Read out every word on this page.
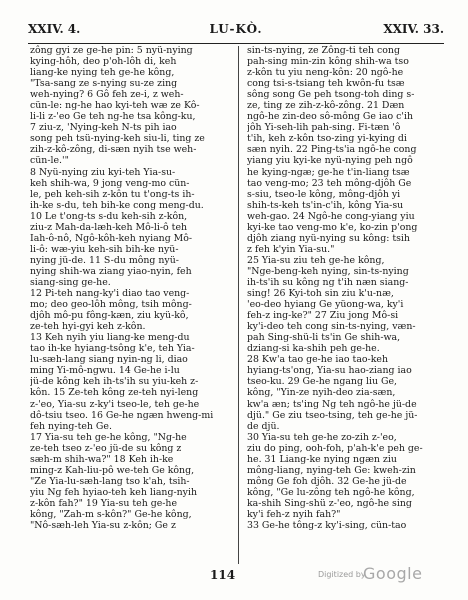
XXIV. 4.	LU-KÒ.	XXIV. 33.
zông gyi ze ge-he pin: 5 nyü-nying
kying-hôh, deo p'oh-lôh di, keh
liang-ke nying teh ge-he kông,
"Tsa-sang ze s-nying su-ze zing
weh-nying? 6 Gô feh ze-i, z weh-
cün-le: ng-he hao kyi-teh wæ ze Kô-
li-li z-'eo Ge teh ng-he tsa kông-ku,
7 ziu-z, 'Nying-keh N-ts pih iao
song peh tsü-nying-keh siu-li, ting ze
zih-z-kô-zông, di-sæn nyih tse weh-
cün-le.'"
8 Nyü-nying ziu kyi-teh Yia-su-
keh shih-wa, 9 jong veng-mo cün-
le, peh keh-sih z-kôn tu t'ong-ts ih-
ih-ke s-du, teh bih-ke cong meng-du.
10 Le t'ong-ts s-du keh-sih z-kôn,
ziu-z Mah-da-læh-keh Mô-li-ô teh
Iah-ô-nô, Ngô-kôh-keh nyiang Mô-
li-ô: wæ-yiu keh-sih bih-ke nyü-
nying jü-de. 11 S-du mông nyü-
nying shih-wa ziang yiao-nyin, feh
siang-sing ge-he.
12 Pi-teh nang-ky'i diao tao veng-
mo; deo geo-lôh mông, tsih mông-
djôh mô-pu fông-kæn, ziu kyü-kô,
ze-teh hyi-gyi keh z-kôn.
13 Keh nyih yiu liang-ke meng-du
tao ih-ke hyiang-tsông k'e, teh Yia-
lu-sæh-lang siang nyin-ng li, diao
ming Yi-mô-ngwu. 14 Ge-he i-lu
jü-de kông keh ih-ts'ih su yiu-keh z-
kôn. 15 Ze-teh kông ze-teh nyi-leng
z-'eo, Yia-su z-ky'i tseo-le, teh ge-he
dô-tsiu tseo. 16 Ge-he ngæn hweng-mi
feh nying-teh Ge.
17 Yia-su teh ge-he kông, "Ng-he
ze-teh tseo z-'eo jü-de su kông z
sæh-m shih-wa?" 18 Keh ih-ke
ming-z Kah-liu-pô we-teh Ge kông,
"Ze Yia-lu-sæh-lang tso k'ah, tsih-
yiu Ng feh hyiao-teh keh liang-nyih
z-kôn fah?" 19 Yia-su teh ge-he
kông, "Zah-m s-kôn?" Ge-he kông,
"Nô-sæh-leh Yia-su z-kôn; Ge z
sin-ts-nying, ze Zông-ti teh cong
pah-sing min-zin kông shih-wa tso
z-kôn tu yiu neng-kôn: 20 ngô-he
cong tsi-s-tsiang teh kwôn-fu tsæ
sông song Ge peh tsong-toh ding s-
ze, ting ze zih-z-kô-zông. 21 Dæn
ngô-he zin-deo sô-mông Ge iao c'ih
jôh Yi-seh-lih pah-sing. Fi-tæn 'ô
t'ih, keh z-kôn tso-zing yi-kying di
sæn nyih. 22 Ping-ts'ia ngô-he cong
yiang yiu kyi-ke nyü-nying peh ngô
he kying-ngæ; ge-he t'in-liang tsæ
tao veng-mo; 23 teh mông-djôh Ge
s-siu, tseo-le kông, mông-djôh yi
shih-ts-keh ts'in-c'ih, kông Yia-su
weh-gao. 24 Ngô-he cong-yiang yiu
kyi-ke tao veng-mo k'e, ko-zin p'ong
djôh ziang nyü-nying su kông: tsih
z feh k'yin Yia-su."
25 Yia-su ziu teh ge-he kông,
"Nge-beng-keh nying, sin-ts-nying
ih-ts'ih su kông ng t'ih næn siang-
sing! 26 Kyi-toh sin ziu k'u-næ,
'eo-deo hyiang Ge yüong-wa, ky'i
feh-z ing-ke?" 27 Ziu jong Mô-si
ky'i-deo teh cong sin-ts-nying, væn-
pah Sing-shü-li ts'in Ge shih-wa,
dziang-si ka-shih peh ge-he.
28 Kw'a tao ge-he iao tao-keh
hyiang-ts'ong, Yia-su hao-ziang iao
tseo-ku. 29 Ge-he ngang liu Ge,
kông, "Yin-ze nyih-deo zia-sæn,
kw'a æn; ts'ing Ng teh ngô-he jü-de
djü." Ge ziu tseo-tsing, teh ge-he jü-
de djü.
30 Yia-su teh ge-he zo-zih z-'eo,
ziu do ping, ooh-foh, p'ah-k'e peh ge-
he. 31 Liang-ke nying ngæn ziu
mông-liang, nying-teh Ge: kweh-zin
mông Ge foh djôh. 32 Ge-he jü-de
kông, "Ge lu-zông teh ngô-he kông,
ka-shih Sing-shü z-'eo, ngô-he sing
ky'i feh-z nyih fah?"
33 Ge-he tông-z ky'i-sing, cün-tao
114	Digitized by
Google
